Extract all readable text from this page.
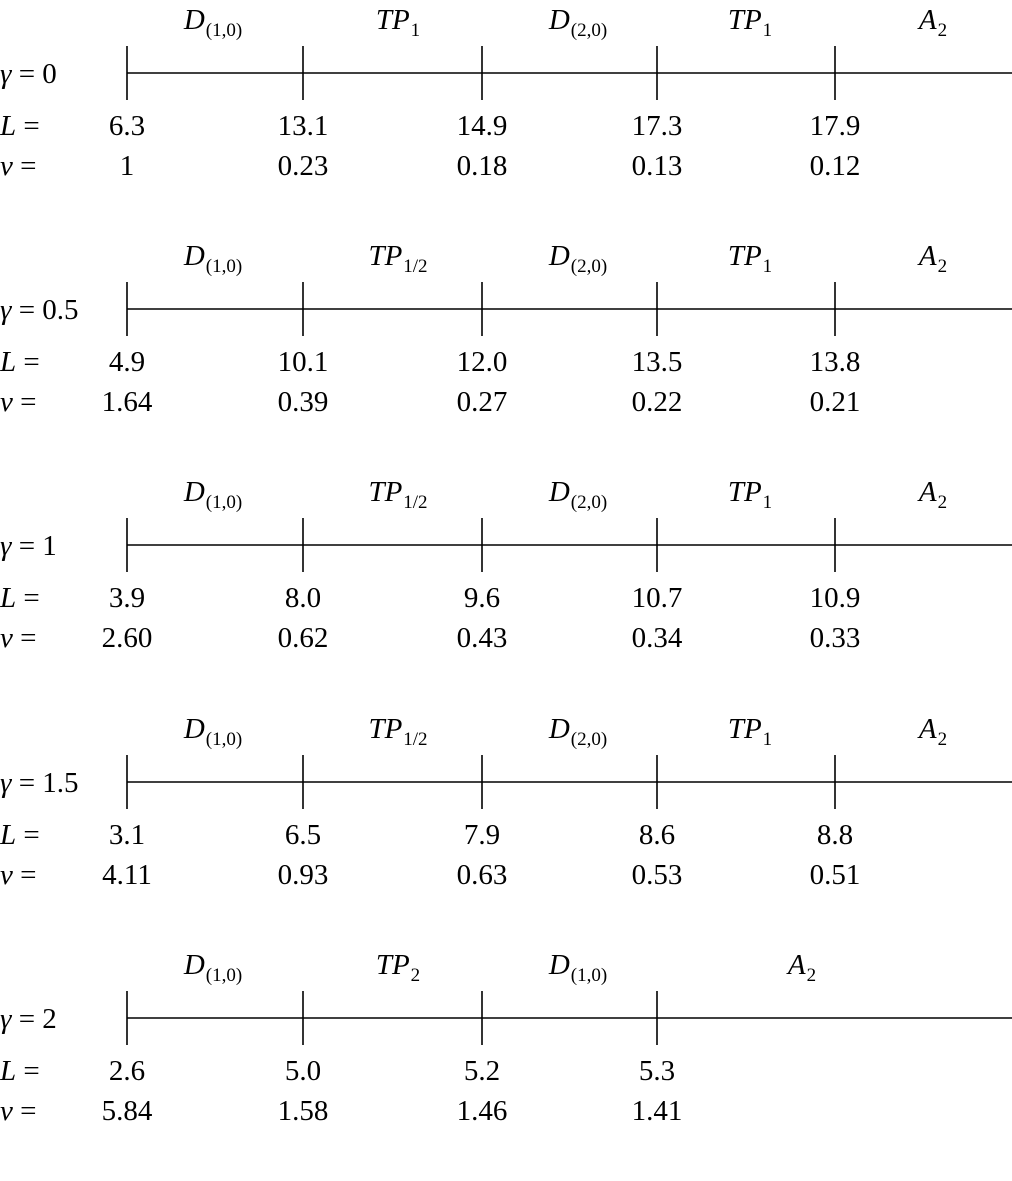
$D_{(1,0)}$	$TP_1$	$D_{(2,0)}$	$TP_1$	$A_2$
γ = 0
L = 6.3	13.1	14.9	17.3	17.9
ν =	1	0.23	0.18	0.13	0.12
$D_{(1,0)}$	$TP_{1/2}$	$D_{(2,0)}$	$TP_1$	$A_2$
γ = 0.5
L = 4.9	10.1	12.0	13.5	13.8
ν = 1.64	0.39	0.27	0.22	0.21
$D_{(1,0)}$	$TP_{1/2}$	$D_{(2,0)}$	$TP_1$	$A_2$
γ = 1
L = 3.9	8.0	9.6	10.7	10.9
ν = 2.60	0.62	0.43	0.34	0.33
$D_{(1,0)}$	$TP_{1/2}$	$D_{(2,0)}$	$TP_1$	$A_2$
γ = 1.5
L = 3.1	6.5	7.9	8.6	8.8
ν = 4.11	0.93	0.63	0.53	0.51
$D_{(1,0)}$	$TP_2$	$D_{(1,0)}$	$A_2$
γ = 2
L = 2.6	5.0	5.2	5.3
ν = 5.84	1.58	1.46	1.41
